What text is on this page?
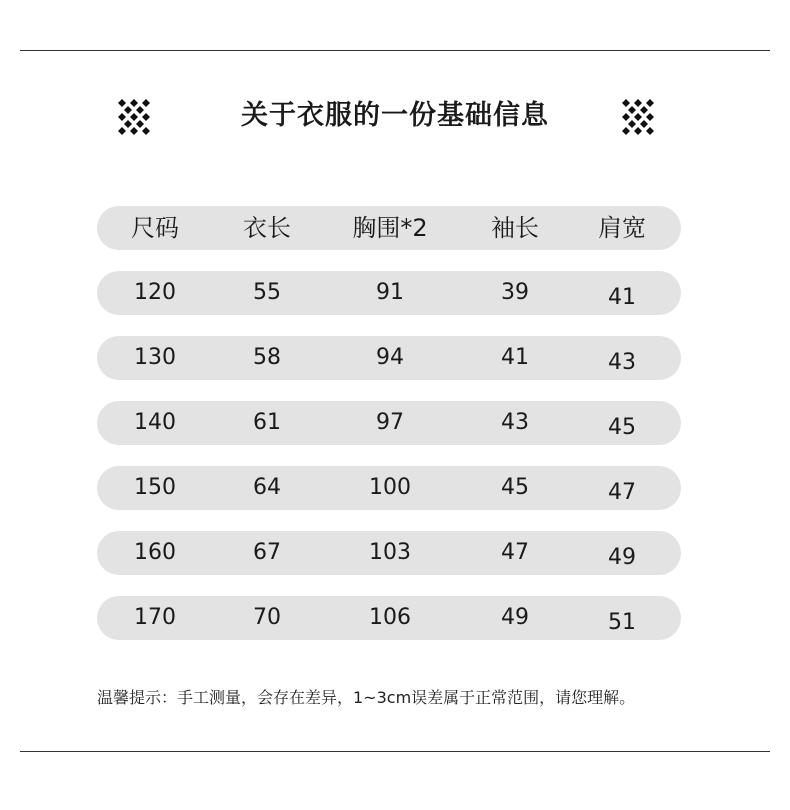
关于衣服的一份基础信息
尺码	衣长	胸围*2	袖长	肩宽
120	55	91	39	41
130	58	94	41	43
140	61	97	43	45
150	64	100	45	47
160	67	103	47	49
170	70	106	49	51
温馨提示：手工测量，会存在差异，1~3cm误差属于正常范围，请您理解。
